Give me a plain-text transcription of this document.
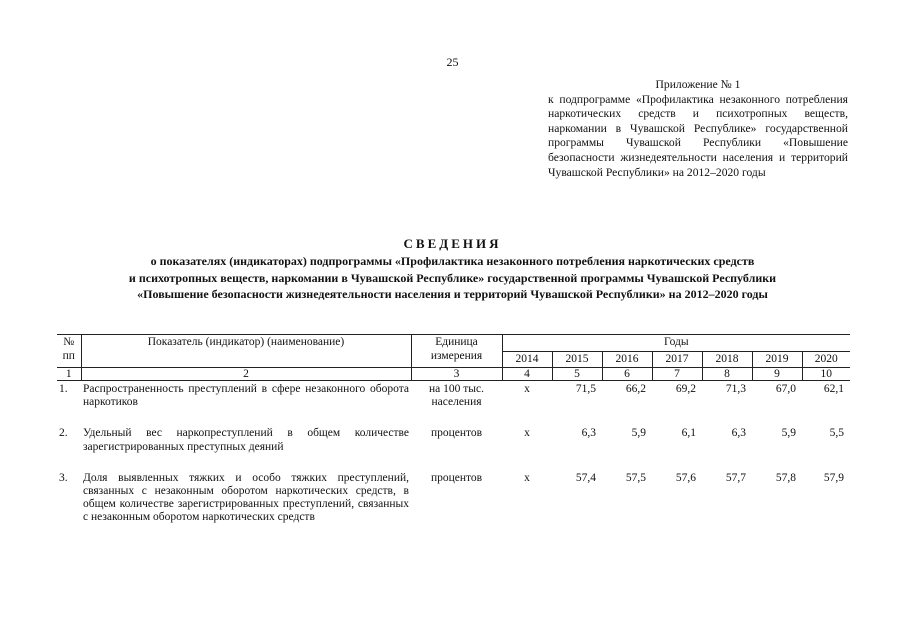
25
Приложение № 1
к подпрограмме «Профилактика незаконного потребления наркотических средств и психотропных веществ, наркомании в Чувашской Республике» государственной программы Чувашской Республики «Повышение безопасности жизнедеятельности населения и территорий Чувашской Республики» на 2012–2020 годы
СВЕДЕНИЯ
о показателях (индикаторах) подпрограммы «Профилактика незаконного потребления наркотических средств
и психотропных веществ, наркомании в Чувашской Республике» государственной программы Чувашской Республики
«Повышение безопасности жизнедеятельности населения и территорий Чувашской Республики» на 2012–2020 годы
№ пп	Показатель (индикатор) (наименование)	Единица измерения	Годы						
			2014	2015	2016	2017	2018	2019	2020
1	2	3	4	5	6	7	8	9	10
1.	Распространенность преступлений в сфере незаконного оборота наркотиков	на 100 тыс. населения	x	71,5	66,2	69,2	71,3	67,0	62,1
2.	Удельный вес наркопреступлений в общем количестве зарегистрированных преступных деяний	процентов	x	6,3	5,9	6,1	6,3	5,9	5,5
3.	Доля выявленных тяжких и особо тяжких преступлений, связанных с незаконным оборотом наркотических средств, в общем количестве зарегистрированных преступлений, связанных с незаконным оборотом наркотических средств	процентов	x	57,4	57,5	57,6	57,7	57,8	57,9
